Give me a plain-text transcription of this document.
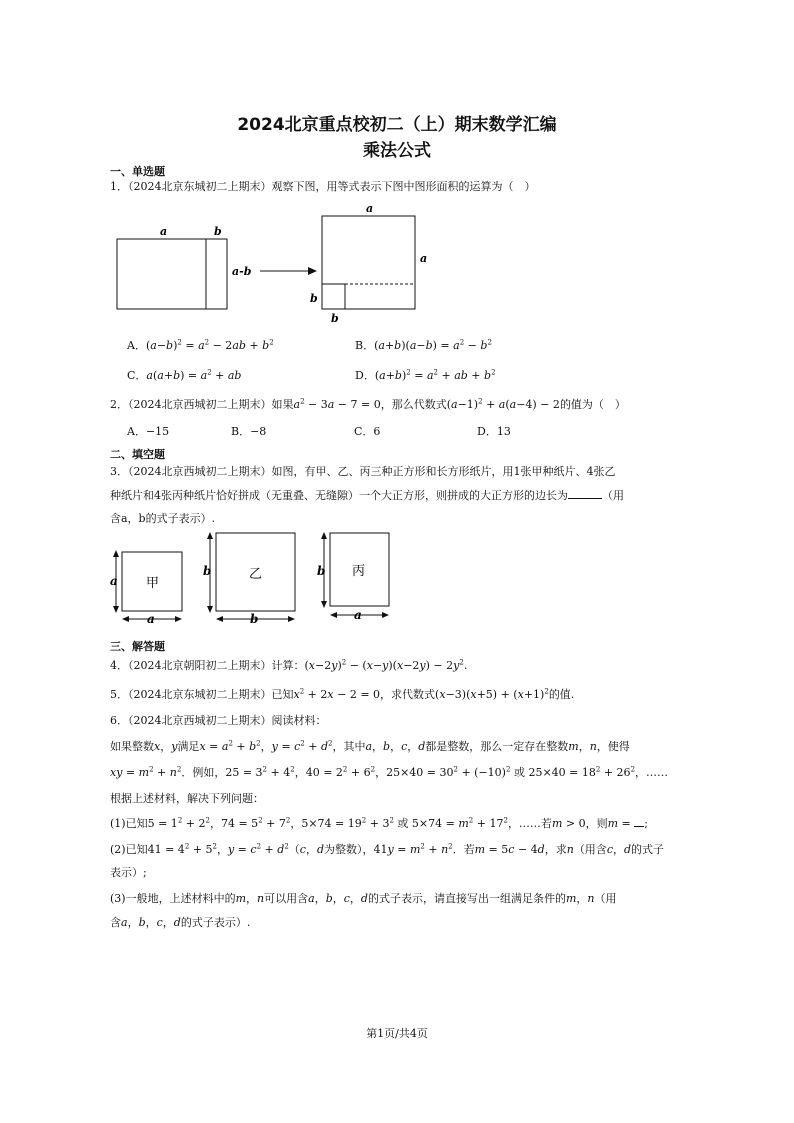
2024北京重点校初二（上）期末数学汇编
乘法公式
一、单选题
1．（2024北京东城初二上期末）观察下图，用等式表示下图中图形面积的运算为（　）
a	b
a-b
a
a
b
b
A．$(a-b)^2 = a^2 - 2ab + b^2$	B．$(a+b)(a-b) = a^2 - b^2$
C．$a(a+b) = a^2$ + ab	D．$(a+b)^2 = a^2$ + ab + $b^2$
2．（2024北京西城初二上期末）如果$a^2 - 3a - 7 = 0$，那么代数式$(a-1)^2 + a(a-4) - 2$的值为（　）
A．−15	B．−8	C．6	D．13
二、填空题
3．（2024北京西城初二上期末）如图，有甲、乙、丙三种正方形和长方形纸片，用1张甲种纸片、4张乙
种纸片和4张丙种纸片恰好拼成（无重叠、无缝隙）一个大正方形，则拼成的大正方形的边长为	（用
含a，b的式子表示）.
a 甲
a
b	乙
b
b 丙
a
三、解答题
4．（2024北京朝阳初二上期末）计算：$(x-2y)^2 - (x-y)(x-2y) - 2y^2$.
5．（2024北京东城初二上期末）已知$x^2 + 2x - 2 = 0$，求代数式$(x-3)(x+5) + (x+1)^2$的值.
6．（2024北京西城初二上期末）阅读材料：
如果整数x，y满足$x = a^2 + b^2$，$y = c^2 + d^2$，其中a，b，c，d都是整数，那么一定存在整数m，n，使得
xy = $m^2 + n^2$．例如，$25 = 3^2 + 4^2$，$40 = 2^2 + 6^2$，$25\times 40 = 30^2 + (-10)^2$ 或 $25\times 40 = 18^2 + 26^2$，……
根据上述材料，解决下列问题：
(1)已知$5 = 1^2 + 2^2$，$74 = 5^2 + 7^2$，$5\times 74 = 19^2 + 3^2$ 或 $5\times 74 = m^2 + 17^2$，……若m > 0，则m = ;
(2)已知$41 = 4^2 + 5^2$，$y = c^2 + d^2(c$，d为整数），$41y = m^2 + n^2$．若m = 5c − 4d，求n（用含c，d的式子
表示）;
(3)一般地，上述材料中的m，n可以用含a，b，c，d的式子表示，请直接写出一组满足条件的m，n（用
含a，b，c，d的式子表示）.
第1页/共4页
